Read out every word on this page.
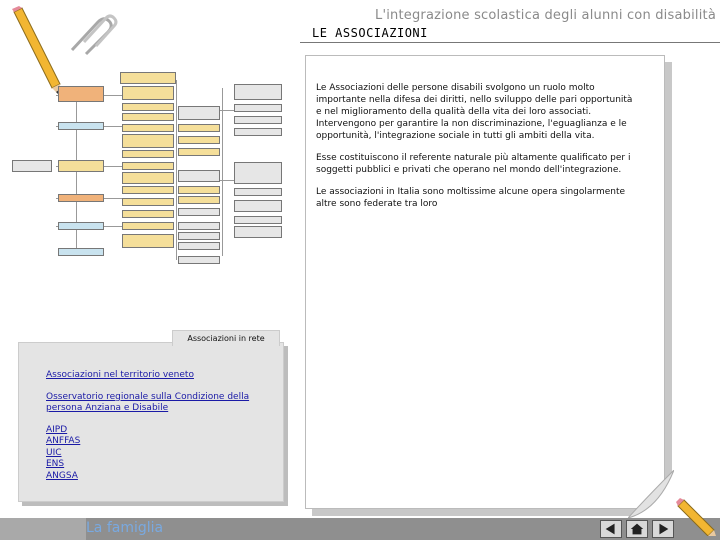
L'integrazione scolastica degli alunni con disabilità
LE ASSOCIAZIONI

Le Associazioni delle persone disabili svolgono un ruolo molto importante nella difesa dei diritti, nello sviluppo delle pari opportunità e nel miglioramento della qualità della vita dei loro associati. Intervengono per garantire la non discriminazione, l'eguaglianza e le opportunità, l'integrazione sociale in tutti gli ambiti della vita.

Esse costituiscono il referente naturale più altamente qualificato per i soggetti pubblici e privati che operano nel mondo dell'integrazione.

Le associazioni in Italia sono moltissime alcune opera singolarmente altre sono federate tra loro

Associazioni in rete
Associazioni nel territorio veneto
Osservatorio regionale sulla Condizione della persona Anziana e Disabile
AIPD
ANFFAS
UIC
ENS
ANGSA
La famiglia
